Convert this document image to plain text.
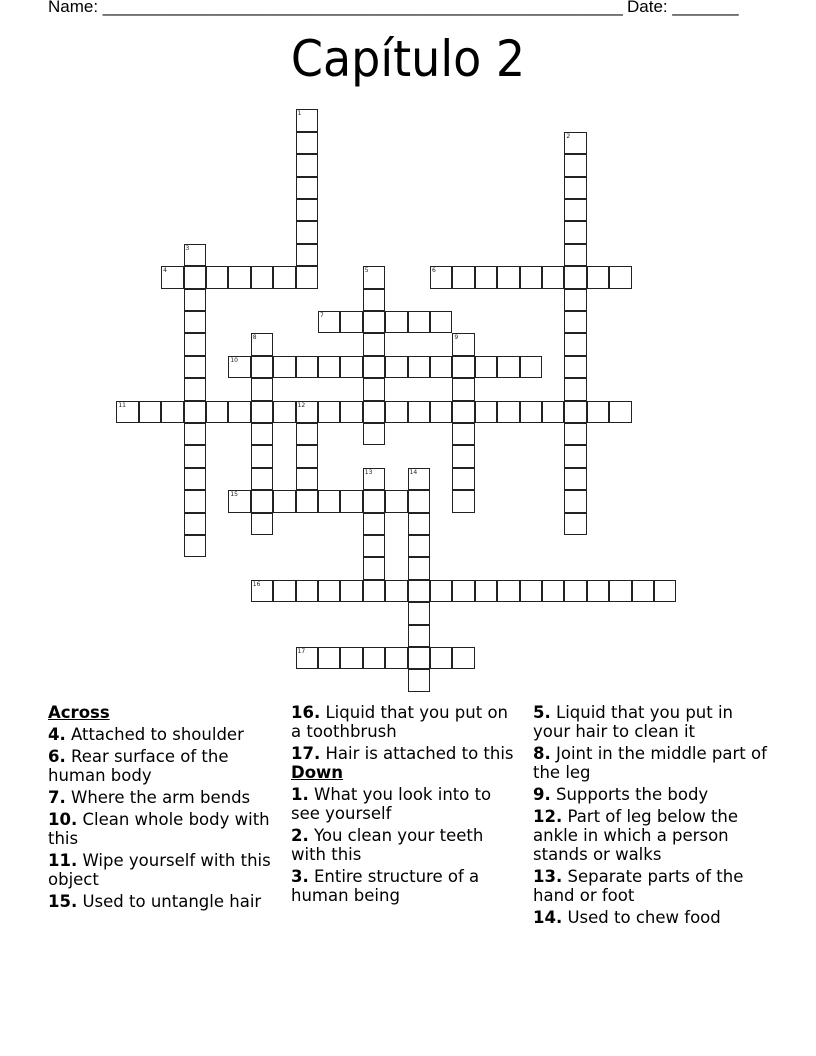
Name: _______________________________________________________ Date: _______
Capítulo 2
1
2
3
4	5	6
7
8	9
10
11	12
13	14
15
16
17
Across
4. Attached to shoulder
6. Rear surface of the human body
7. Where the arm bends
10. Clean whole body with this
11. Wipe yourself with this object
15. Used to untangle hair
16. Liquid that you put on a toothbrush
17. Hair is attached to this
Down
1. What you look into to see yourself
2. You clean your teeth with this
3. Entire structure of a human being
5. Liquid that you put in your hair to clean it
8. Joint in the middle part of the leg
9. Supports the body
12. Part of leg below the ankle in which a person stands or walks
13. Separate parts of the hand or foot
14. Used to chew food
